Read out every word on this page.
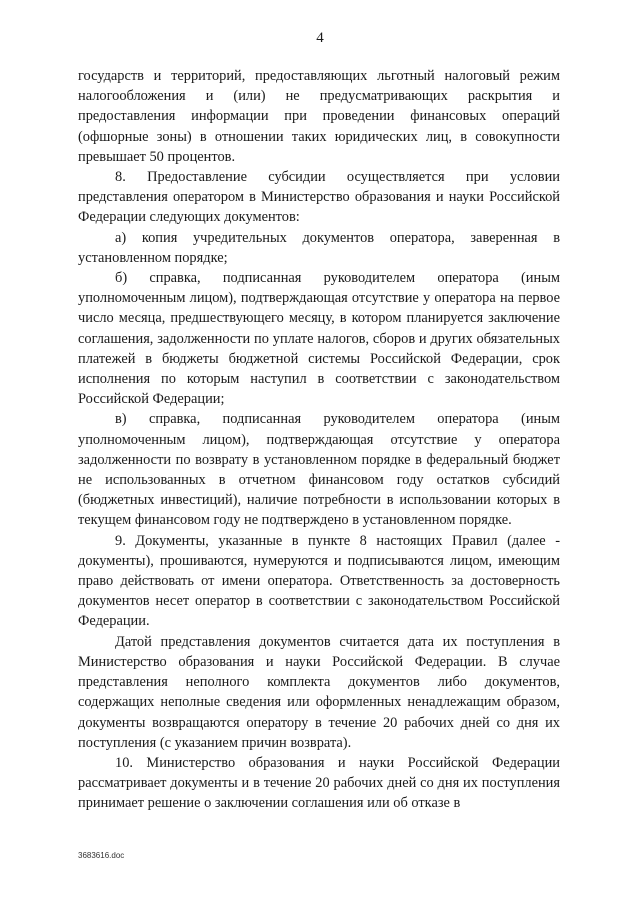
4

государств и территорий, предоставляющих льготный налоговый режим налогообложения и (или) не предусматривающих раскрытия и предоставления информации при проведении финансовых операций (офшорные зоны) в отношении таких юридических лиц, в совокупности превышает 50 процентов.

8. Предоставление субсидии осуществляется при условии представления оператором в Министерство образования и науки Российской Федерации следующих документов:

а) копия учредительных документов оператора, заверенная в установленном порядке;

б) справка, подписанная руководителем оператора (иным уполномоченным лицом), подтверждающая отсутствие у оператора на первое число месяца, предшествующего месяцу, в котором планируется заключение соглашения, задолженности по уплате налогов, сборов и других обязательных платежей в бюджеты бюджетной системы Российской Федерации, срок исполнения по которым наступил в соответствии с законодательством Российской Федерации;

в) справка, подписанная руководителем оператора (иным уполномоченным лицом), подтверждающая отсутствие у оператора задолженности по возврату в установленном порядке в федеральный бюджет не использованных в отчетном финансовом году остатков субсидий (бюджетных инвестиций), наличие потребности в использовании которых в текущем финансовом году не подтверждено в установленном порядке.

9. Документы, указанные в пункте 8 настоящих Правил (далее - документы), прошиваются, нумеруются и подписываются лицом, имеющим право действовать от имени оператора. Ответственность за достоверность документов несет оператор в соответствии с законодательством Российской Федерации.

Датой представления документов считается дата их поступления в Министерство образования и науки Российской Федерации. В случае представления неполного комплекта документов либо документов, содержащих неполные сведения или оформленных ненадлежащим образом, документы возвращаются оператору в течение 20 рабочих дней со дня их поступления (с указанием причин возврата).

10. Министерство образования и науки Российской Федерации рассматривает документы и в течение 20 рабочих дней со дня их поступления принимает решение о заключении соглашения или об отказе в

3683616.doc
